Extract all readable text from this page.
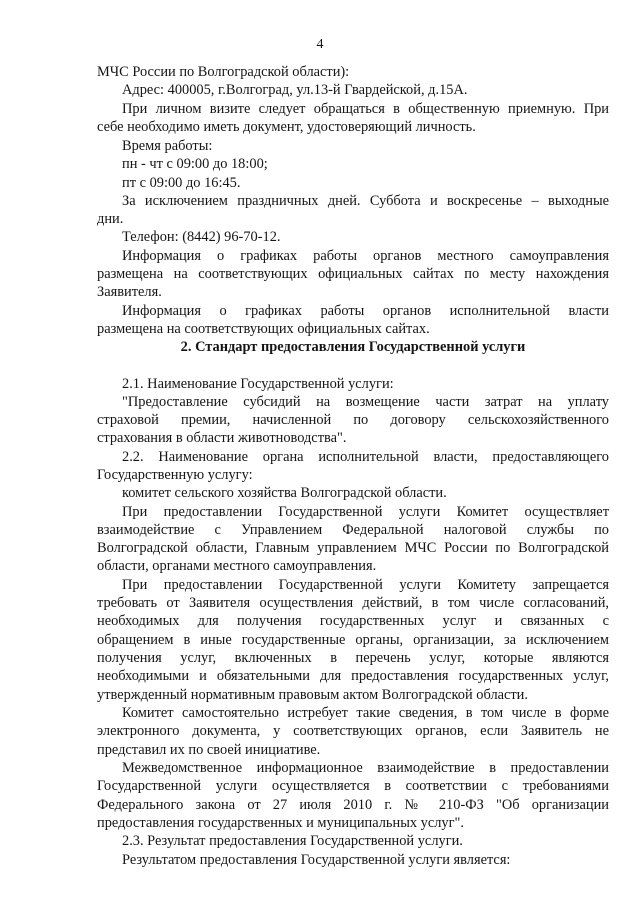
4

МЧС России по Волгоградской области):

Адрес: 400005, г.Волгоград, ул.13-й Гвардейской, д.15А.

При личном визите следует обращаться в общественную приемную. При

себе необходимо иметь документ, удостоверяющий личность.

Время работы:

пн - чт с 09:00 до 18:00;

пт с 09:00 до 16:45.

За исключением праздничных дней. Суббота и воскресенье – выходные

дни.

Телефон: (8442) 96-70-12.

Информация о графиках работы органов местного самоуправления

размещена на соответствующих официальных сайтах по месту нахождения

Заявителя.

Информация о графиках работы органов исполнительной власти

размещена на соответствующих официальных сайтах.

2. Стандарт предоставления Государственной услуги

2.1. Наименование Государственной услуги:

"Предоставление субсидий на возмещение части затрат на уплату

страховой премии, начисленной по договору сельскохозяйственного

страхования в области животноводства".

2.2. Наименование органа исполнительной власти, предоставляющего

Государственную услугу:

комитет сельского хозяйства Волгоградской области.

При предоставлении Государственной услуги Комитет осуществляет

взаимодействие с Управлением Федеральной налоговой службы по

Волгоградской области, Главным управлением МЧС России по Волгоградской

области, органами местного самоуправления.

При предоставлении Государственной услуги Комитету запрещается

требовать от Заявителя осуществления действий, в том числе согласований,

необходимых для получения государственных услуг и связанных с

обращением в иные государственные органы, организации, за исключением

получения услуг, включенных в перечень услуг, которые являются

необходимыми и обязательными для предоставления государственных услуг,

утвержденный нормативным правовым актом Волгоградской области.

Комитет самостоятельно истребует такие сведения, в том числе в форме

электронного документа, у соответствующих органов, если Заявитель не

представил их по своей инициативе.

Межведомственное информационное взаимодействие в предоставлении

Государственной услуги осуществляется в соответствии с требованиями

Федерального закона от 27 июля 2010 г. № 210-ФЗ "Об организации

предоставления государственных и муниципальных услуг".

2.3. Результат предоставления Государственной услуги.

Результатом предоставления Государственной услуги является:
